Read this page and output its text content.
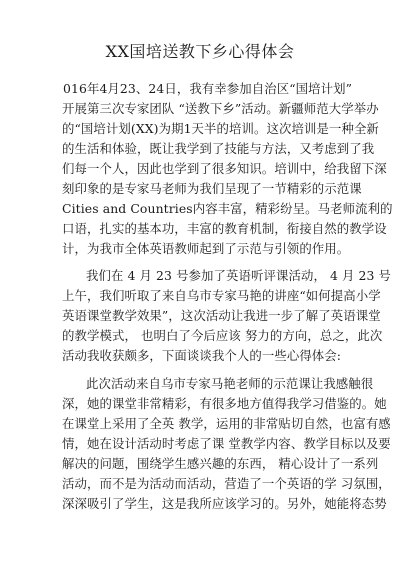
XX国培送教下乡心得体会
016年4月23、24日，我有幸参加自治区“国培计划”
开展第三次专家团队 “送教下乡”活动。新疆师范大学举办
的“国培计划(XX)为期1天半的培训。这次培训是一种全新
的生活和体验，既让我学到了技能与方法，又考虑到了我
们每一个人，因此也学到了很多知识。培训中，给我留下深
刻印象的是专家马老师为我们呈现了一节精彩的示范课
Cities and Countries内容丰富，精彩纷呈。马老师流利的
口语，扎实的基本功，丰富的教育机制，衔接自然的教学设
计，为我市全体英语教师起到了示范与引领的作用。
我们在 4 月 23 号参加了英语听评课活动， 4 月 23 号
上午，我们听取了来自乌市专家马艳的讲座“如何提高小学
英语课堂教学效果”，这次活动让我进一步了解了英语课堂
的教学模式， 也明白了今后应该 努力的方向，总之，此次
活动我收获颇多，下面谈谈我个人的一些心得体会:
此次活动来自乌市专家马艳老师的示范课让我感触很
深，她的课堂非常精彩，有很多地方值得我学习借鉴的。她
在课堂上采用了全英 教学，运用的非常贴切自然，也富有感
情，她在设计活动时考虑了课 堂教学内容、教学目标以及要
解决的问题，围绕学生感兴趣的东西， 精心设计了一系列
活动，而不是为活动而活动，营造了一个英语的学 习氛围，
深深吸引了学生，这是我所应该学习的。另外，她能将态势
